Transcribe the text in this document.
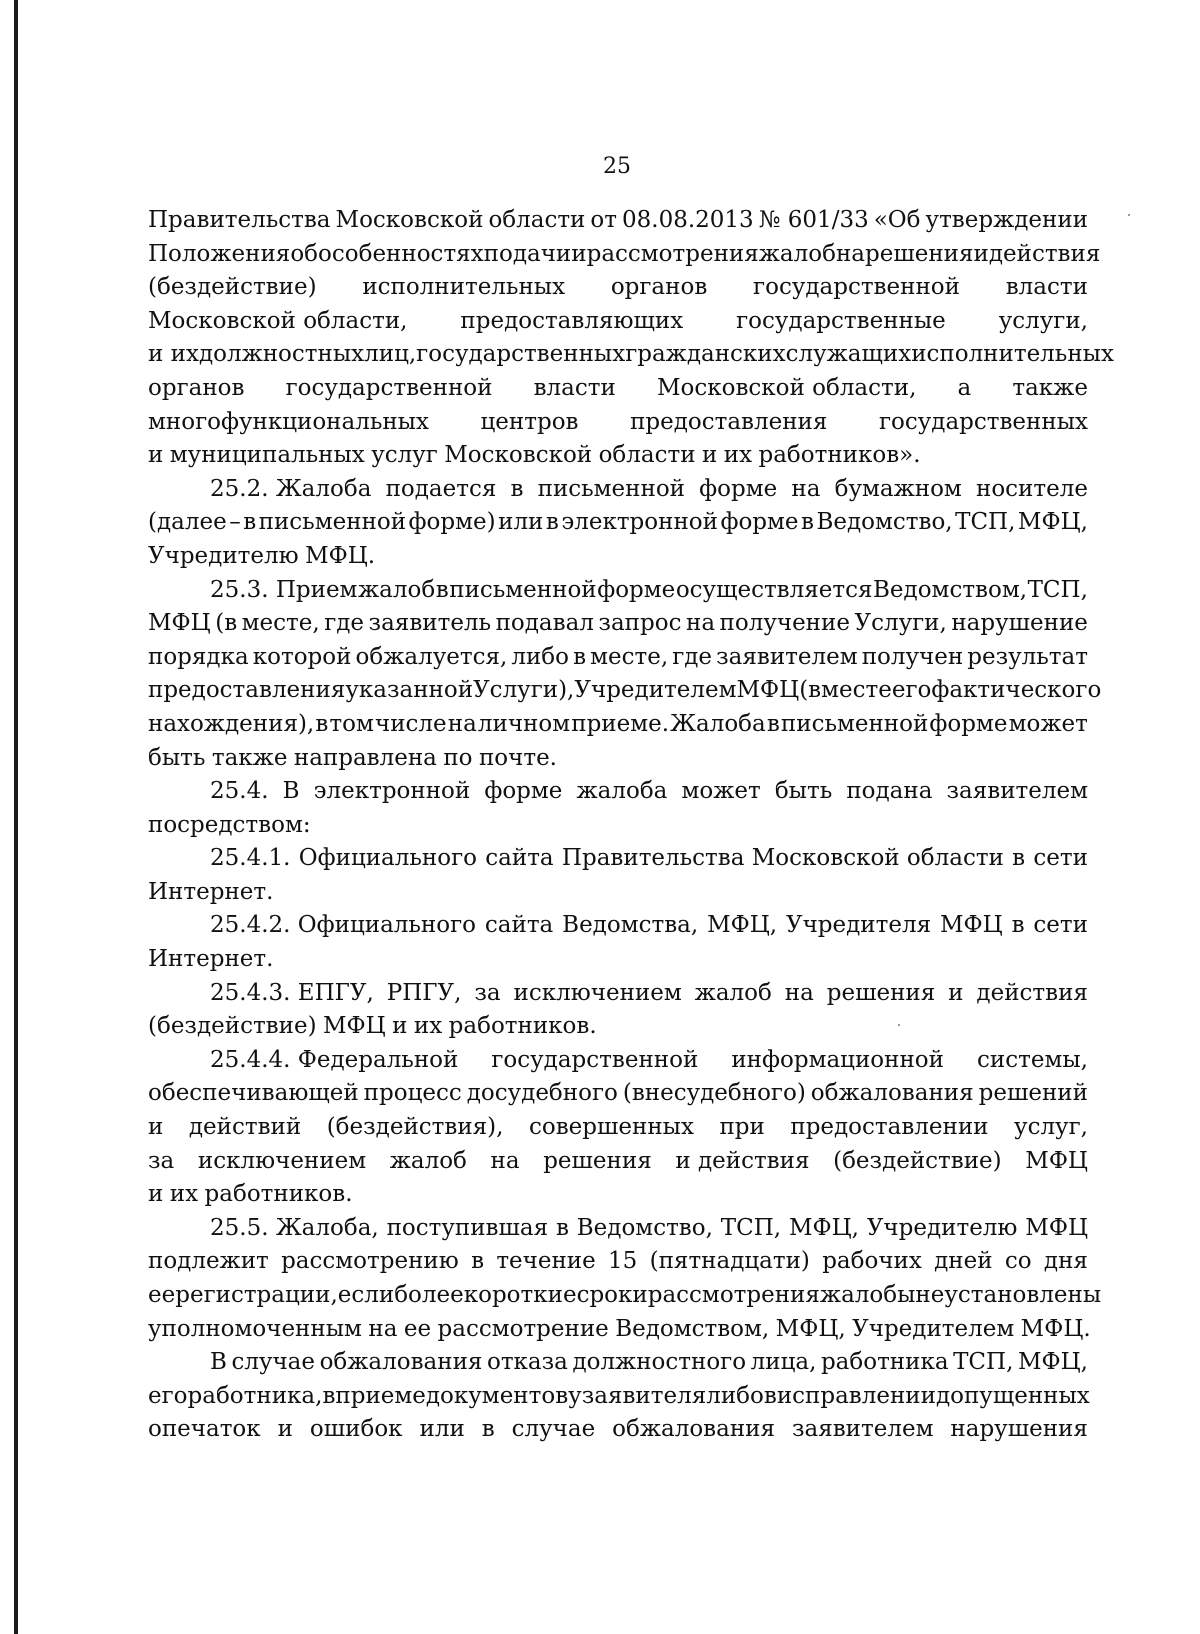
25
Правительства Московской области от 08.08.2013 № 601/33 «Об утверждении
Положения об особенностях подачи и рассмотрения жалоб на решения и действия
(бездействие) исполнительных органов государственной власти
Московской области, предоставляющих государственные услуги,
и их должностных лиц, государственных гражданских служащих исполнительных
органов государственной власти Московской области, а также
многофункциональных центров предоставления государственных
и муниципальных услуг Московской области и их работников».
25.2. Жалоба подается в письменной форме на бумажном носителе
(далее – в письменной форме) или в электронной форме в Ведомство, ТСП, МФЦ,
Учредителю МФЦ.
25.3. Прием жалоб в письменной форме осуществляется Ведомством, ТСП,
МФЦ (в месте, где заявитель подавал запрос на получение Услуги, нарушение
порядка которой обжалуется, либо в месте, где заявителем получен результат
предоставления указанной Услуги), Учредителем МФЦ (в месте его фактического
нахождения), в том числе на личном приеме. Жалоба в письменной форме может
быть также направлена по почте.
25.4. В электронной форме жалоба может быть подана заявителем
посредством:
25.4.1. Официального сайта Правительства Московской области в сети
Интернет.
25.4.2. Официального сайта Ведомства, МФЦ, Учредителя МФЦ в сети
Интернет.
25.4.3. ЕПГУ, РПГУ, за исключением жалоб на решения и действия
(бездействие) МФЦ и их работников.
25.4.4. Федеральной государственной информационной системы,
обеспечивающей процесс досудебного (внесудебного) обжалования решений
и действий (бездействия), совершенных при предоставлении услуг,
за исключением жалоб на решения и действия (бездействие) МФЦ
и их работников.
25.5. Жалоба, поступившая в Ведомство, ТСП, МФЦ, Учредителю МФЦ
подлежит рассмотрению в течение 15 (пятнадцати) рабочих дней со дня
ее регистрации, если более короткие сроки рассмотрения жалобы не установлены
уполномоченным на ее рассмотрение Ведомством, МФЦ, Учредителем МФЦ.
В случае обжалования отказа должностного лица, работника ТСП, МФЦ,
его работника, в приеме документов у заявителя либо в исправлении допущенных
опечаток и ошибок или в случае обжалования заявителем нарушения
